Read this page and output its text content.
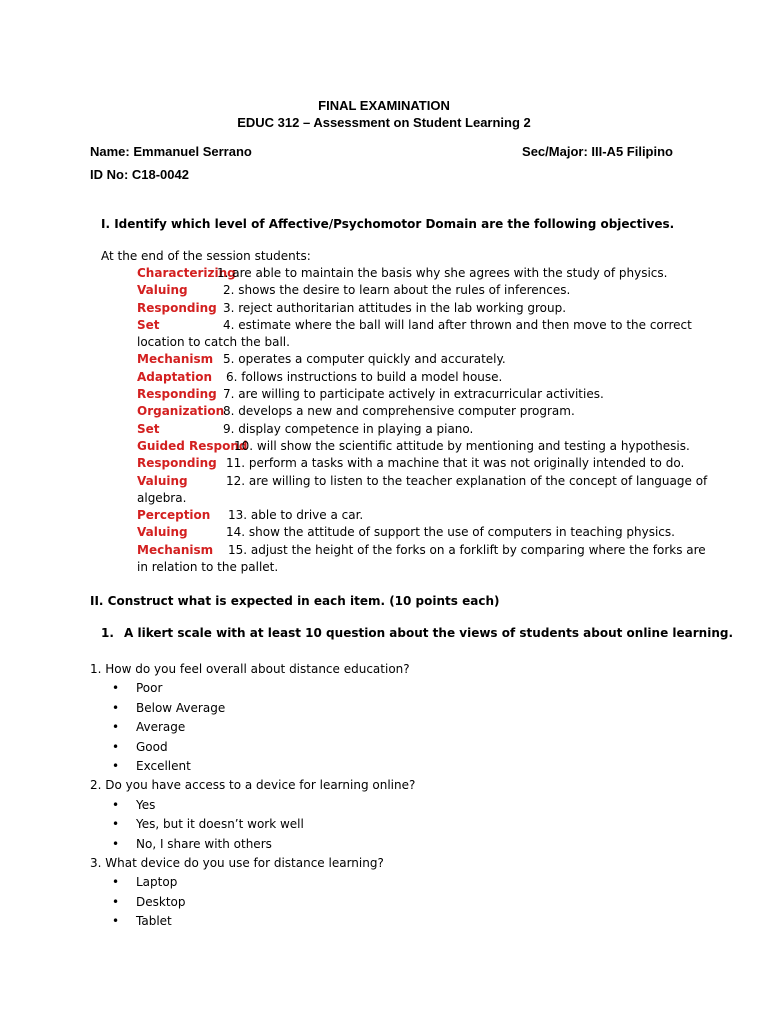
FINAL EXAMINATION
EDUC 312 – Assessment on Student Learning 2
Name: Emmanuel Serrano	Sec/Major: III-A5 Filipino
ID No: C18-0042
I. Identify which level of Affective/Psychomotor Domain are the following objectives.
At the end of the session students:
Characterizing
1. are able to maintain the basis why she agrees with the study of physics.
Valuing	2. shows the desire to learn about the rules of inferences.
Responding 3. reject authoritarian attitudes in the lab working group.
Set	4. estimate where the ball will land after thrown and then move to the correct
location to catch the ball.
Mechanism 5. operates a computer quickly and accurately.
Adaptation 6. follows instructions to build a model house.
Responding 7. are willing to participate actively in extracurricular activities.
Organization
8. develops a new and comprehensive computer program.
Set	9. display competence in playing a piano.
Guided Respond
10. will show the scientific attitude by mentioning and testing a hypothesis.
Responding 11. perform a tasks with a machine that it was not originally intended to do.
Valuing	12. are willing to listen to the teacher explanation of the concept of language of
algebra.
Perception 13. able to drive a car.
Valuing	14. show the attitude of support the use of computers in teaching physics.
Mechanism 15. adjust the height of the forks on a forklift by comparing where the forks are
in relation to the pallet.
II. Construct what is expected in each item. (10 points each)
1. A likert scale with at least 10 question about the views of students about online learning.
1. How do you feel overall about distance education?
• Poor
• Below Average
• Average
• Good
• Excellent
2. Do you have access to a device for learning online?
• Yes
• Yes, but it doesn’t work well
• No, I share with others
3. What device do you use for distance learning?
• Laptop
• Desktop
• Tablet
